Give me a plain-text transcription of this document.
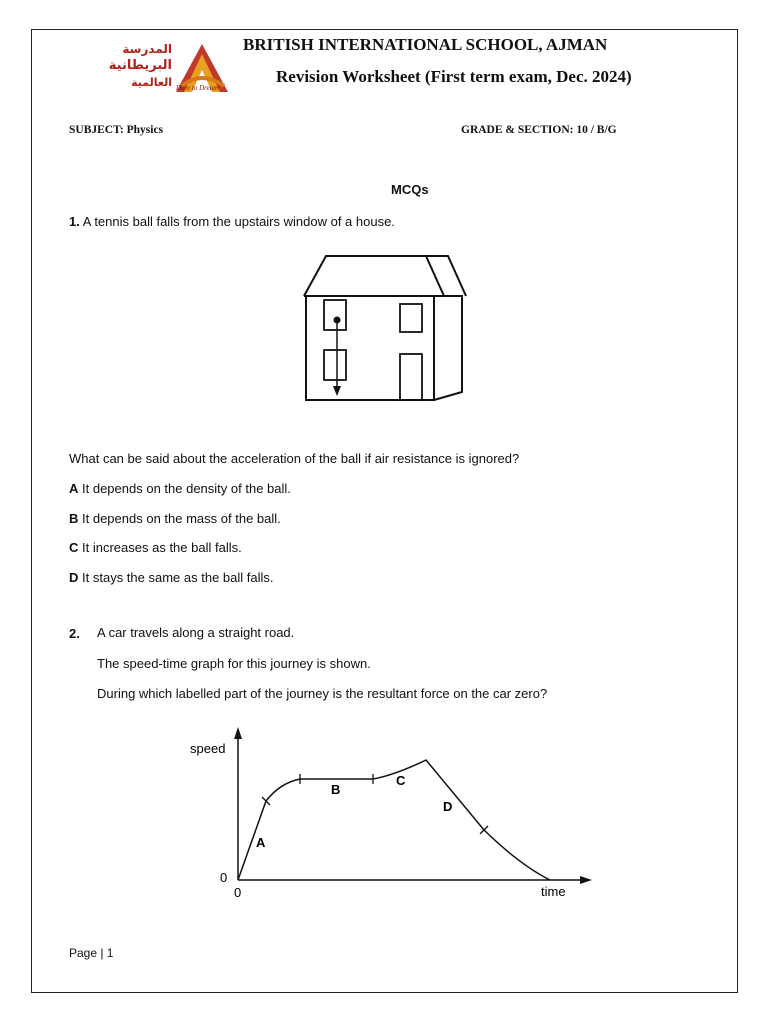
المدرسة
البريطانية
العالمية Dare to Dream
BRITISH INTERNATIONAL SCHOOL, AJMAN
Revision Worksheet (First term exam, Dec. 2024)
SUBJECT: Physics	GRADE & SECTION: 10 / B/G
MCQs
1. A tennis ball falls from the upstairs window of a house.
What can be said about the acceleration of the ball if air resistance is ignored?
A It depends on the density of the ball.
B It depends on the mass of the ball.
C It increases as the ball falls.
D It stays the same as the ball falls.
2. A car travels along a straight road.
The speed-time graph for this journey is shown.
During which labelled part of the journey is the resultant force on the car zero?
speed
time
0
0
A
B
C
D
Page | 1
